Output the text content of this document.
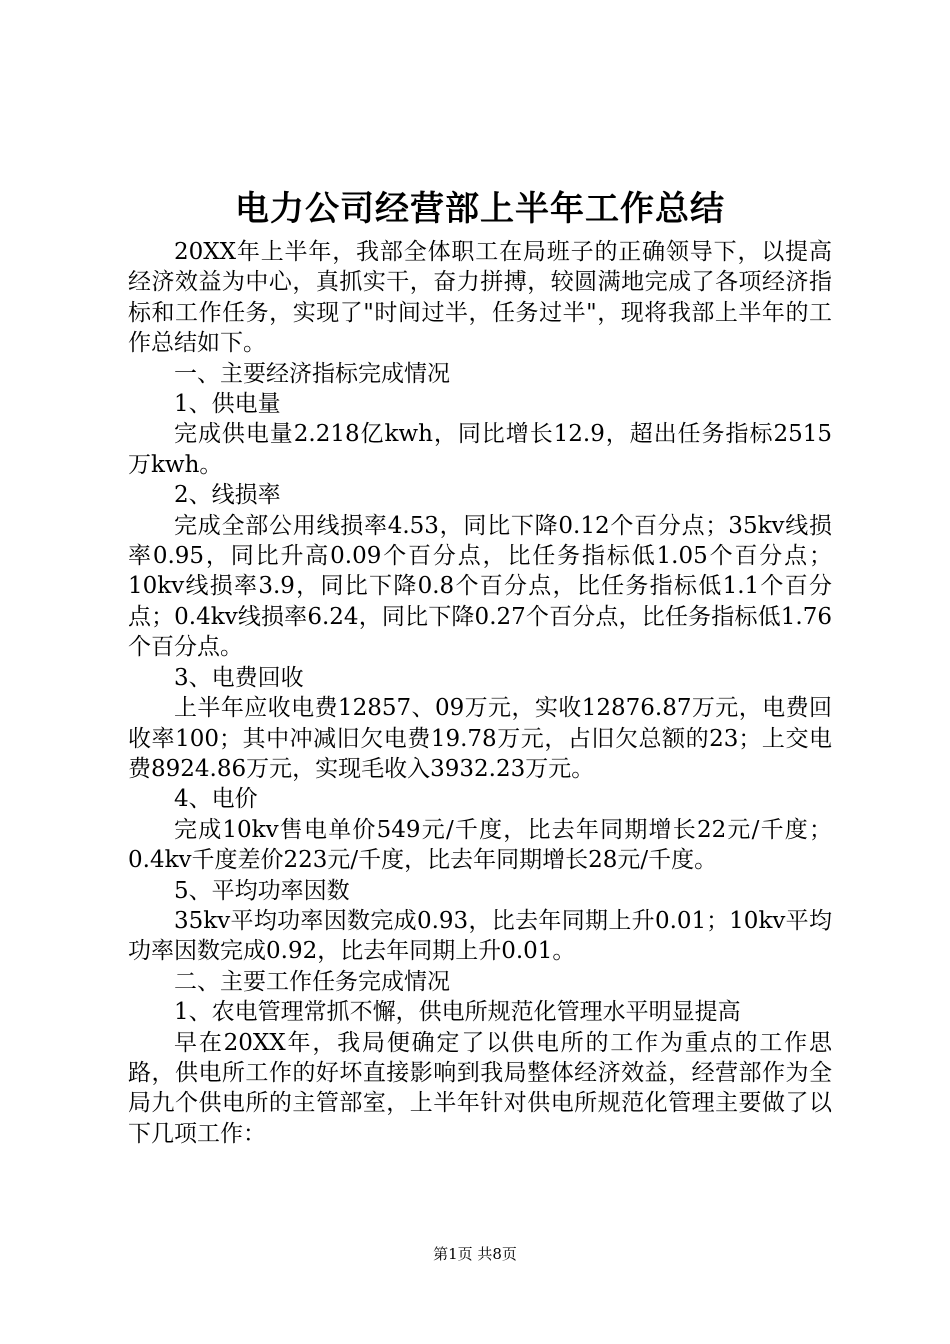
电力公司经营部上半年工作总结

20XX年上半年，我部全体职工在局班子的正确领导下，以提高经济效益为中心，真抓实干，奋力拼搏，较圆满地完成了各项经济指标和工作任务，实现了"时间过半，任务过半"，现将我部上半年的工作总结如下。

一、主要经济指标完成情况

1、供电量

完成供电量2.218亿kwh，同比增长12.9，超出任务指标2515万kwh。

2、线损率

完成全部公用线损率4.53，同比下降0.12个百分点；35kv线损率0.95，同比升高0.09个百分点，比任务指标低1.05个百分点；10kv线损率3.9，同比下降0.8个百分点，比任务指标低1.1个百分点；0.4kv线损率6.24，同比下降0.27个百分点，比任务指标低1.76个百分点。

3、电费回收

上半年应收电费12857、09万元，实收12876.87万元，电费回收率100；其中冲减旧欠电费19.78万元，占旧欠总额的23；上交电费8924.86万元，实现毛收入3932.23万元。

4、电价

完成10kv售电单价549元/千度，比去年同期增长22元/千度；0.4kv千度差价223元/千度，比去年同期增长28元/千度。

5、平均功率因数

35kv平均功率因数完成0.93，比去年同期上升0.01；10kv平均功率因数完成0.92，比去年同期上升0.01。

二、主要工作任务完成情况

1、农电管理常抓不懈，供电所规范化管理水平明显提高

早在20XX年，我局便确定了以供电所的工作为重点的工作思路，供电所工作的好坏直接影响到我局整体经济效益，经营部作为全局九个供电所的主管部室，上半年针对供电所规范化管理主要做了以下几项工作：

第1页 共8页
